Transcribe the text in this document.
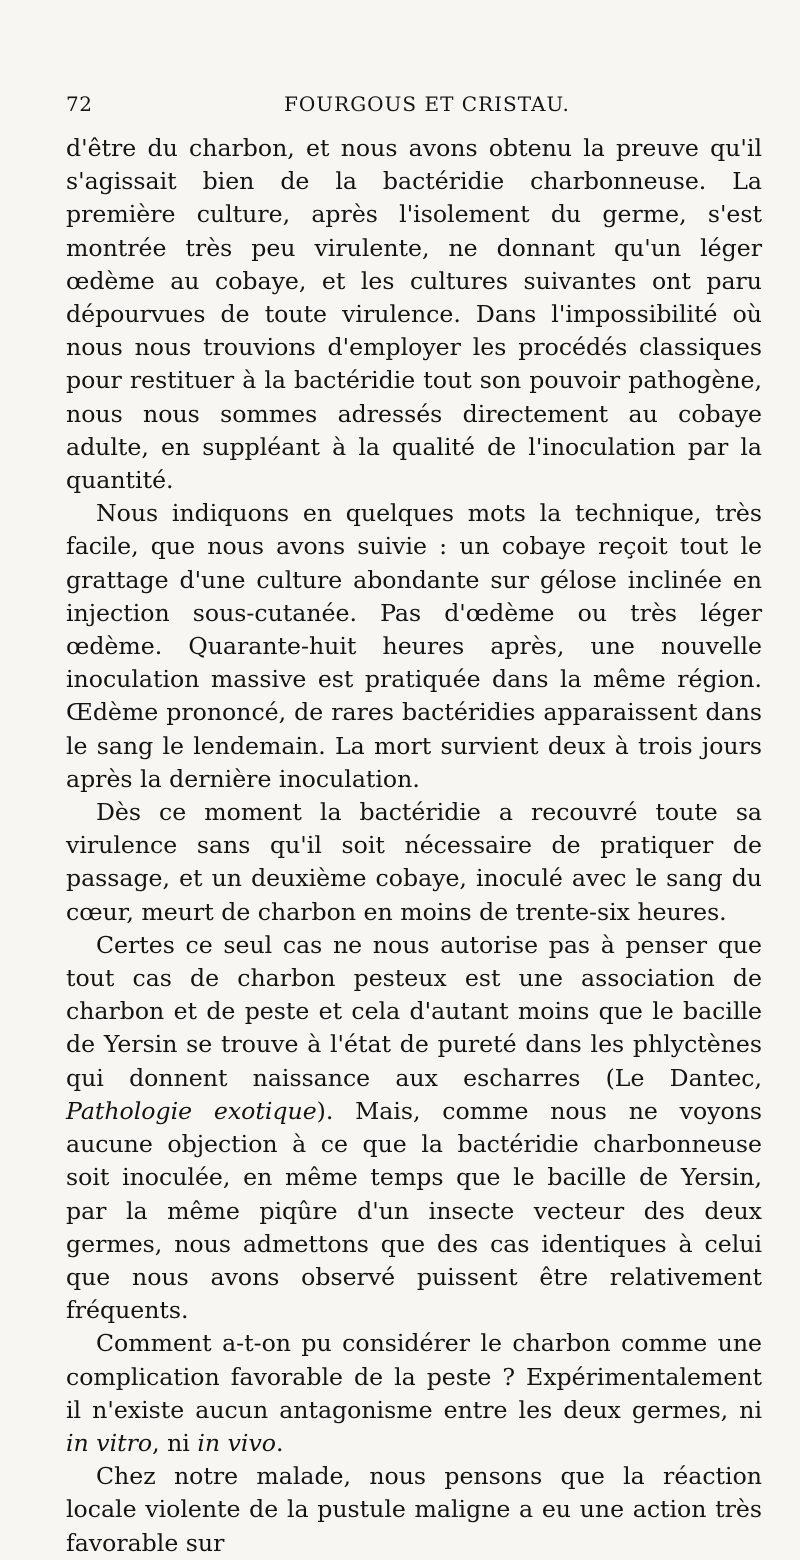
72	FOURGOUS ET CRISTAU.

d'être du charbon, et nous avons obtenu la preuve qu'il s'agissait bien de la bactéridie charbonneuse. La première culture, après l'isolement du germe, s'est montrée très peu virulente, ne donnant qu'un léger œdème au cobaye, et les cultures suivantes ont paru dépourvues de toute virulence. Dans l'impossibilité où nous nous trouvions d'employer les procédés classiques pour restituer à la bactéridie tout son pouvoir pathogène, nous nous sommes adressés directement au cobaye adulte, en suppléant à la qualité de l'inoculation par la quantité.

Nous indiquons en quelques mots la technique, très facile, que nous avons suivie : un cobaye reçoit tout le grattage d'une culture abondante sur gélose inclinée en injection sous-cutanée. Pas d'œdème ou très léger œdème. Quarante-huit heures après, une nouvelle inoculation massive est pratiquée dans la même région. Œdème prononcé, de rares bactéridies apparaissent dans le sang le lendemain. La mort survient deux à trois jours après la dernière inoculation.

Dès ce moment la bactéridie a recouvré toute sa virulence sans qu'il soit nécessaire de pratiquer de passage, et un deuxième cobaye, inoculé avec le sang du cœur, meurt de charbon en moins de trente-six heures.

Certes ce seul cas ne nous autorise pas à penser que tout cas de charbon pesteux est une association de charbon et de peste et cela d'autant moins que le bacille de Yersin se trouve à l'état de pureté dans les phlyctènes qui donnent naissance aux escharres (Le Dantec, Pathologie exotique). Mais, comme nous ne voyons aucune objection à ce que la bactéridie charbonneuse soit inoculée, en même temps que le bacille de Yersin, par la même piqûre d'un insecte vecteur des deux germes, nous admettons que des cas identiques à celui que nous avons observé puissent être relativement fréquents.

Comment a-t-on pu considérer le charbon comme une complication favorable de la peste ? Expérimentalement il n'existe aucun antagonisme entre les deux germes, ni in vitro, ni in vivo.

Chez notre malade, nous pensons que la réaction locale violente de la pustule maligne a eu une action très favorable sur
